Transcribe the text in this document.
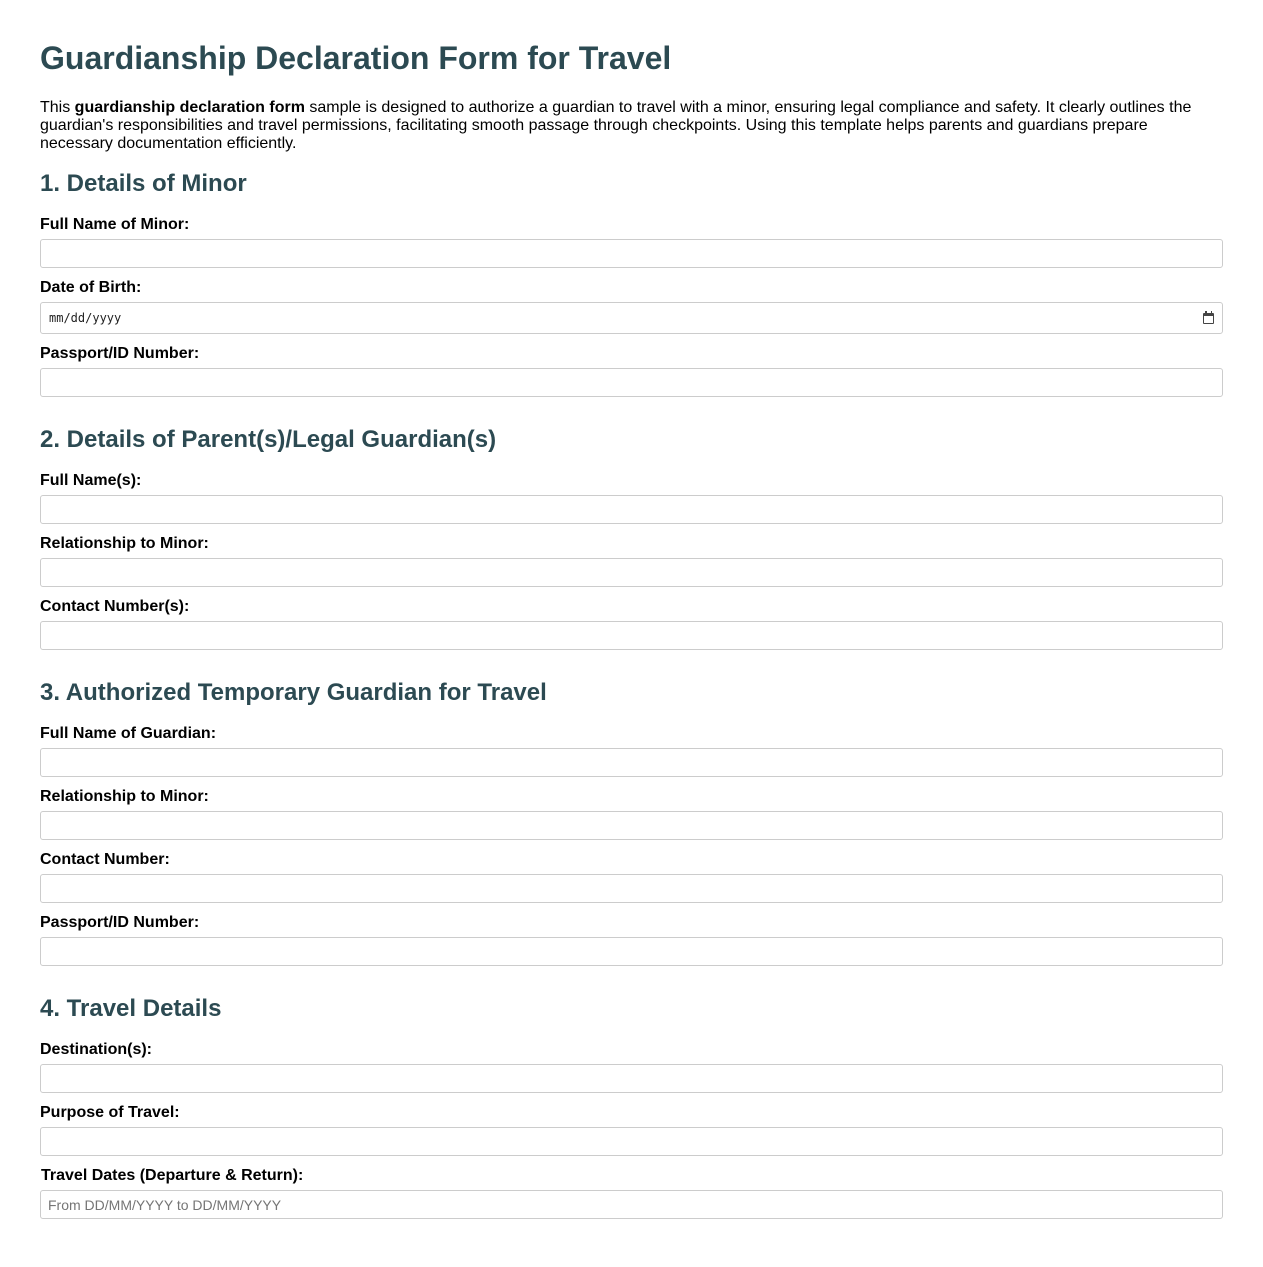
Guardianship Declaration Form for Travel

This guardianship declaration form sample is designed to authorize a guardian to travel with a minor, ensuring legal compliance and safety. It clearly outlines the guardian's responsibilities and travel permissions, facilitating smooth passage through checkpoints. Using this template helps parents and guardians prepare necessary documentation efficiently.

1. Details of Minor
Full Name of Minor:
Date of Birth:
mm/dd/yyyy
Passport/ID Number:
2. Details of Parent(s)/Legal Guardian(s)
Full Name(s):
Relationship to Minor:
Contact Number(s):
3. Authorized Temporary Guardian for Travel
Full Name of Guardian:
Relationship to Minor:
Contact Number:
Passport/ID Number:
4. Travel Details
Destination(s):
Purpose of Travel:
Travel Dates (Departure & Return):
From DD/MM/YYYY to DD/MM/YYYY
